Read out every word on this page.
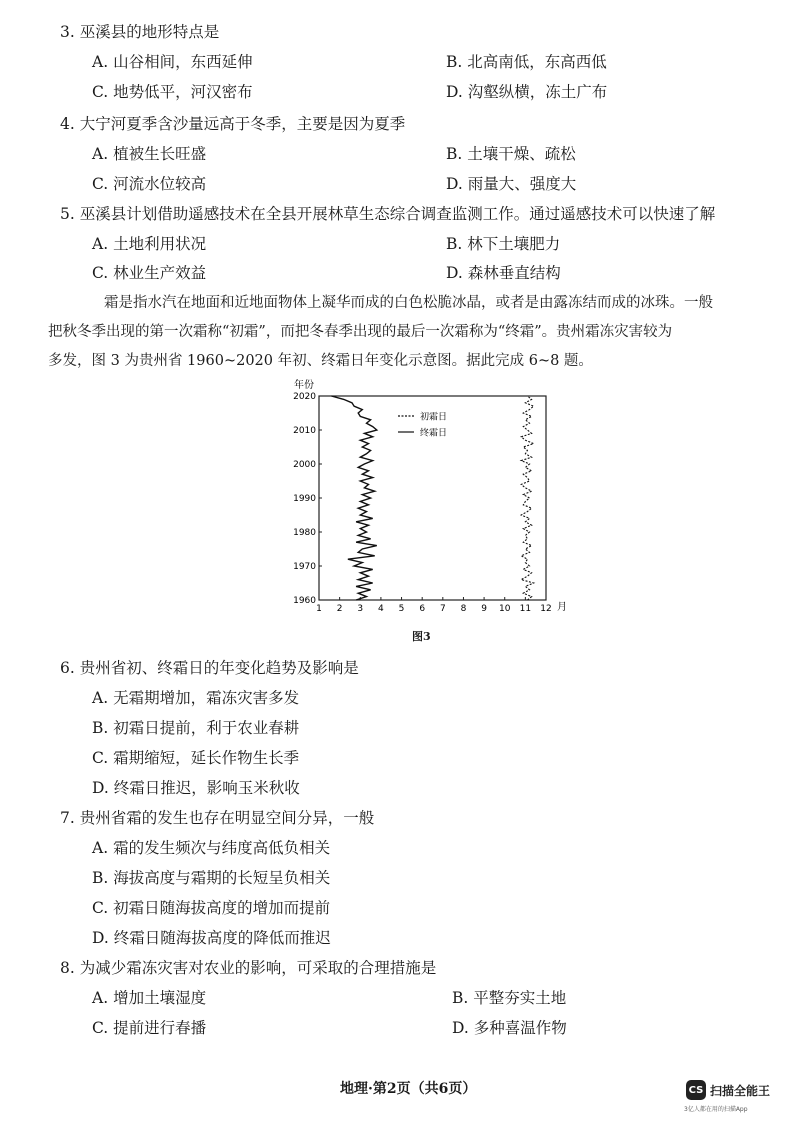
3. 巫溪县的地形特点是
A. 山谷相间，东西延伸	B. 北高南低，东高西低
C. 地势低平，河汉密布	D. 沟壑纵横，冻土广布
4. 大宁河夏季含沙量远高于冬季，主要是因为夏季
A. 植被生长旺盛	B. 土壤干燥、疏松
C. 河流水位较高	D. 雨量大、强度大
5. 巫溪县计划借助遥感技术在全县开展林草生态综合调查监测工作。通过遥感技术可以快速了解
A. 土地利用状况	B. 林下土壤肥力
C. 林业生产效益	D. 森林垂直结构
霜是指水汽在地面和近地面物体上凝华而成的白色松脆冰晶，或者是由露冻结而成的冰珠。一般
把秋冬季出现的第一次霜称“初霜”，而把冬春季出现的最后一次霜称为“终霜”。贵州霜冻灾害较为
多发，图 3 为贵州省 1960~2020 年初、终霜日年变化示意图。据此完成 6~8 题。
年份
月
1 2 3 4 5 6 7 8 9 10 11 12
1960
1970
1980
1990
2000
2010
2020
初霜日
终霜日
图3
6. 贵州省初、终霜日的年变化趋势及影响是
A. 无霜期增加，霜冻灾害多发
B. 初霜日提前，利于农业春耕
C. 霜期缩短，延长作物生长季
D. 终霜日推迟，影响玉米秋收
7. 贵州省霜的发生也存在明显空间分异，一般
A. 霜的发生频次与纬度高低负相关
B. 海拔高度与霜期的长短呈负相关
C. 初霜日随海拔高度的增加而提前
D. 终霜日随海拔高度的降低而推迟
8. 为减少霜冻灾害对农业的影响，可采取的合理措施是
A. 增加土壤湿度	B. 平整夯实土地
C. 提前进行春播	D. 多种喜温作物
地理·第2页（共6页）	CS 扫描全能王
3亿人都在用的扫描App
